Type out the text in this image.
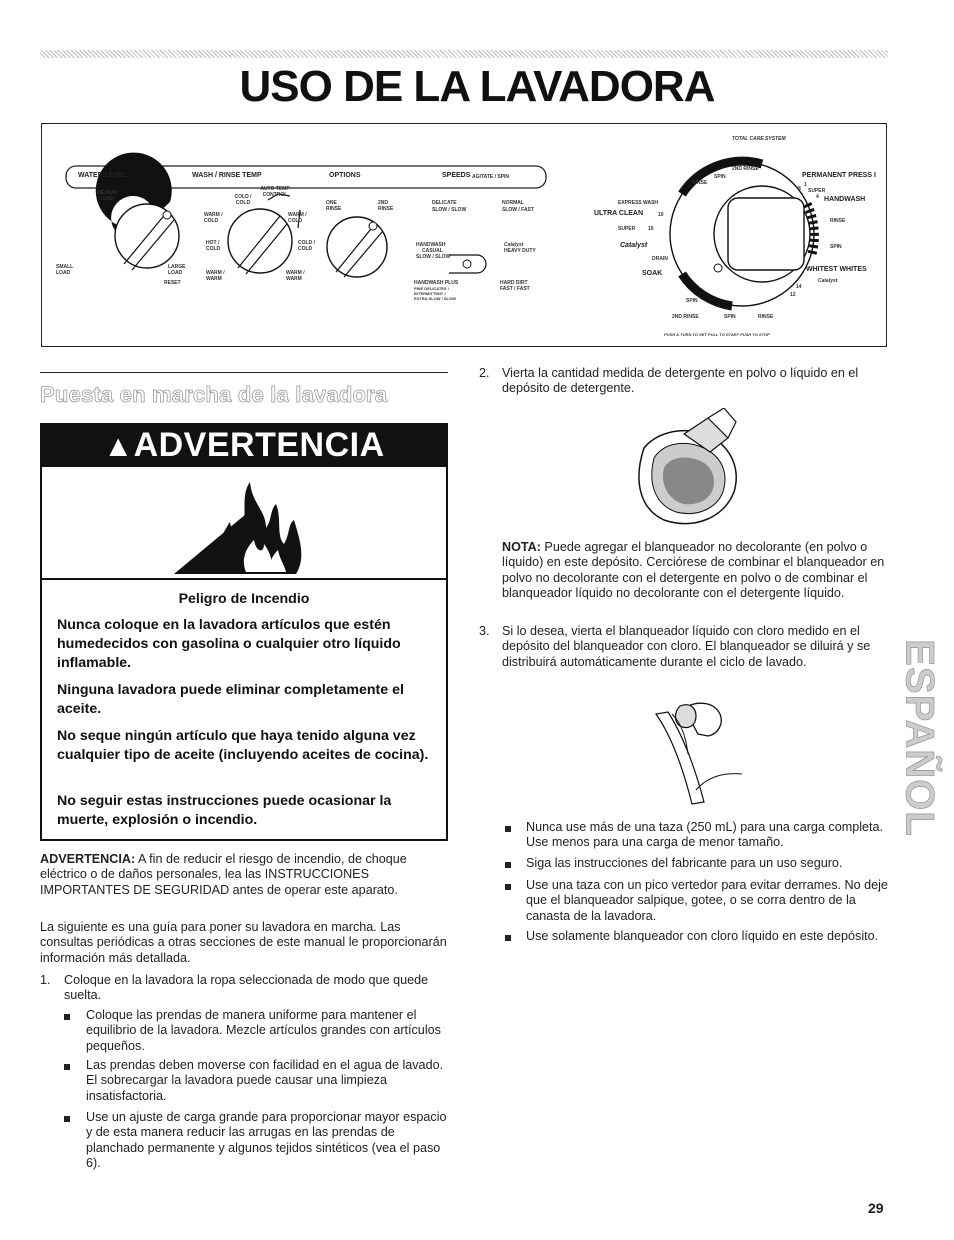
USO DE LA LAVADORA
TOTAL CARE SYSTEM
WATER LEVEL	WASH / RINSE TEMP	OPTIONS	SPEEDS AGITATE / SPIN
MEDIUM LOAD
SMALL LOAD
LARGE LOAD
RESET
COLD / COLD
AUTO TEMP CONTROL
WARM / COLD
WARM / COLD
HOT / COLD
COLD / COLD
WARM / WARM
WARM / WARM
ONE RINSE
2ND RINSE
DELICATE
SLOW / SLOW
NORMAL
SLOW / FAST
HANDWASH
CASUAL
SLOW / SLOW
Catalyst
HEAVY DUTY
HANDWASH PLUS
FINE DELICATES / INTERMITTENT / EXTRA SLOW / SLOW
HARD DIRT
FAST / FAST
2ND RINSE
SPIN
RINSE
PERMANENT PRESS I
1
SUPER
4 HANDWASH
8
EXPRESS WASH
ULTRA CLEAN	10
SUPER	15
Catalyst
DRAIN
SOAK
RINSE
SPIN
WHITEST WHITES
Catalyst
14
12
SPIN
2ND RINSE	SPIN	RINSE
PUSH & TURN TO SET PULL TO START PUSH TO STOP
Puesta en marcha de la lavadora
▲ADVERTENCIA
Peligro de Incendio
Nunca coloque en la lavadora artículos que estén humedecidos con gasolina o cualquier otro líquido inflamable.
Ninguna lavadora puede eliminar completamente el aceite.
No seque ningún artículo que haya tenido alguna vez cualquier tipo de aceite (incluyendo aceites de cocina).
No seguir estas instrucciones puede ocasionar la muerte, explosión o incendio.
ADVERTENCIA: A fin de reducir el riesgo de incendio, de choque eléctrico o de daños personales, lea las INSTRUCCIONES IMPORTANTES DE SEGURIDAD antes de operar este aparato.
La siguiente es una guía para poner su lavadora en marcha. Las consultas periódicas a otras secciones de este manual le proporcionarán información más detallada.
1. Coloque en la lavadora la ropa seleccionada de modo que quede suelta.
Coloque las prendas de manera uniforme para mantener el equilibrio de la lavadora. Mezcle artículos grandes con artículos pequeños.
Las prendas deben moverse con facilidad en el agua de lavado. El sobrecargar la lavadora puede causar una limpieza insatisfactoria.
Use un ajuste de carga grande para proporcionar mayor espacio y de esta manera reducir las arrugas en las prendas de planchado permanente y algunos tejidos sintéticos (vea el paso 6).
2. Vierta la cantidad medida de detergente en polvo o líquido en el depósito de detergente.
NOTA: Puede agregar el blanqueador no decolorante (en polvo o líquido) en este depósito. Cerciórese de combinar el blanqueador en polvo no decolorante con el detergente en polvo o de combinar el blanqueador líquido no decolorante con el detergente líquido.
3. Si lo desea, vierta el blanqueador líquido con cloro medido en el depósito del blanqueador con cloro. El blanqueador se diluirá y se distribuirá automáticamente durante el ciclo de lavado.
Nunca use más de una taza (250 mL) para una carga completa. Use menos para una carga de menor tamaño.
Siga las instrucciones del fabricante para un uso seguro.
Use una taza con un pico vertedor para evitar derrames. No deje que el blanqueador salpique, gotee, o se corra dentro de la canasta de la lavadora.
Use solamente blanqueador con cloro líquido en este depósito.
ESPAÑOL
29
